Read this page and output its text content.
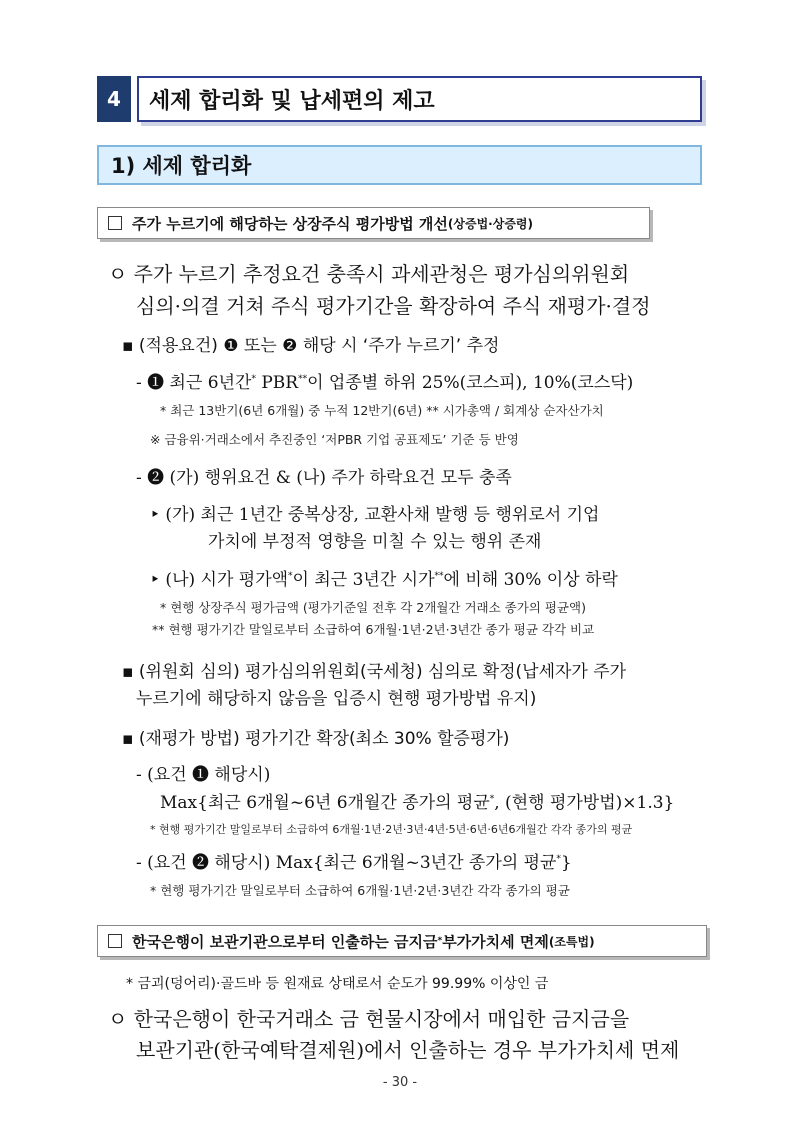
4	세제 합리화 및 납세편의 제고
1) 세제 합리화
주가 누르기에 해당하는 상장주식 평가방법 개선 (상증법·상증령)
ㅇ 주가 누르기 추정요건 충족시 과세관청은 평가심의위원회
심의·의결 거쳐 주식 평가기간을 확장하여 주식 재평가·결정
▪ (적용요건) ❶ 또는 ❷ 해당 시 ‘주가 누르기’ 추정
- ❶ 최근 6년간* PBR**이 업종별 하위 25%(코스피), 10%(코스닥)
* 최근 13반기(6년 6개월) 중 누적 12반기(6년) ** 시가총액 / 회계상 순자산가치
※ 금융위·거래소에서 추진중인 ‘저PBR 기업 공표제도’ 기준 등 반영
- ❷ (가) 행위요건 & (나) 주가 하락요건 모두 충족
‣ (가) 최근 1년간 중복상장, 교환사채 발행 등 행위로서 기업
가치에 부정적 영향을 미칠 수 있는 행위 존재
‣ (나) 시가 평가액*이 최근 3년간 시가**에 비해 30% 이상 하락
* 현행 상장주식 평가금액 (평가기준일 전후 각 2개월간 거래소 종가의 평균액)
** 현행 평가기간 말일로부터 소급하여 6개월·1년·2년·3년간 종가 평균 각각 비교
▪ (위원회 심의) 평가심의위원회(국세청) 심의로 확정(납세자가 주가
누르기에 해당하지 않음을 입증시 현행 평가방법 유지)
▪ (재평가 방법) 평가기간 확장(최소 30% 할증평가)
- (요건 ❶ 해당시)
Max{최근 6개월~6년 6개월간 종가의 평균*, (현행 평가방법)×1.3}
* 현행 평가기간 말일로부터 소급하여 6개월·1년·2년·3년·4년·5년·6년·6년6개월간 각각 종가의 평균
- (요건 ❷ 해당시) Max{최근 6개월~3년간 종가의 평균*}
* 현행 평가기간 말일로부터 소급하여 6개월·1년·2년·3년간 각각 종가의 평균
한국은행이 보관기관으로부터 인출하는 금지금 * 부가가치세 면제 (조특법)
* 금괴(덩어리)·골드바 등 원재료 상태로서 순도가 99.99% 이상인 금
ㅇ 한국은행이 한국거래소 금 현물시장에서 매입한 금지금을
보관기관(한국예탁결제원)에서 인출하는 경우 부가가치세 면제
- 30 -
